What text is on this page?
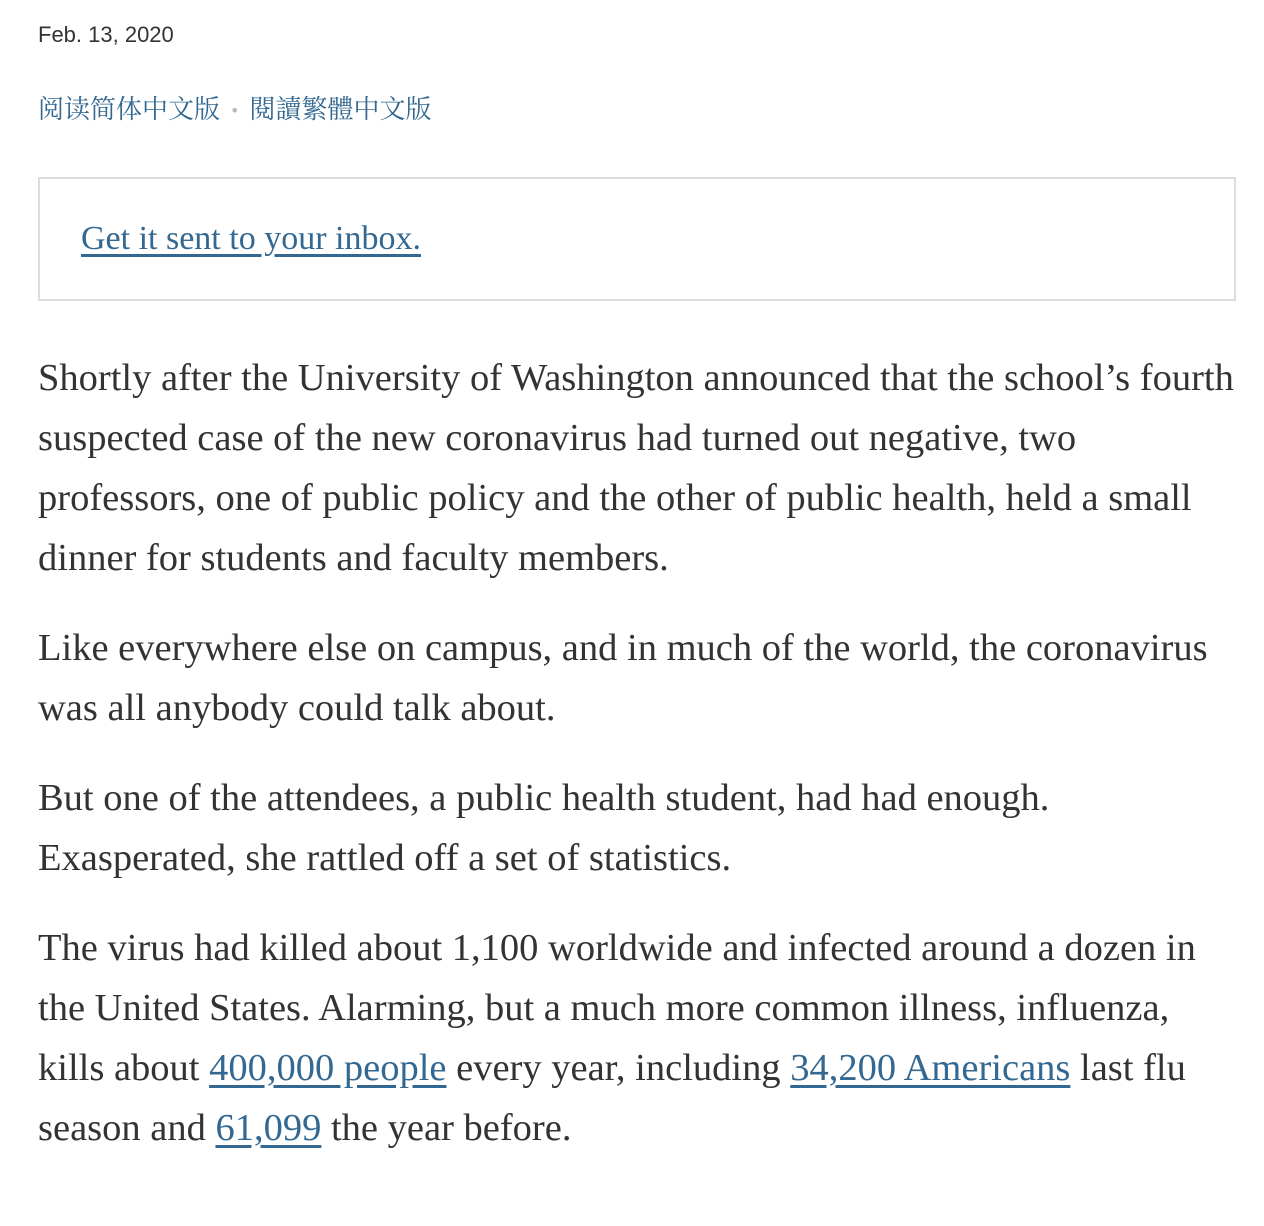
Feb. 13, 2020
阅读简体中文版 • 閱讀繁體中文版
Get it sent to your inbox.

Shortly after the University of Washington announced that the school’s fourth suspected case of the new coronavirus had turned out negative, two professors, one of public policy and the other of public health, held a small dinner for students and faculty members.

Like everywhere else on campus, and in much of the world, the coronavirus was all anybody could talk about.

But one of the attendees, a public health student, had had enough. Exasperated, she rattled off a set of statistics.

The virus had killed about 1,100 worldwide and infected around a dozen in the United States. Alarming, but a much more common illness, influenza, kills about 400,000 people every year, including 34,200 Americans last flu season and 61,099 the year before.
